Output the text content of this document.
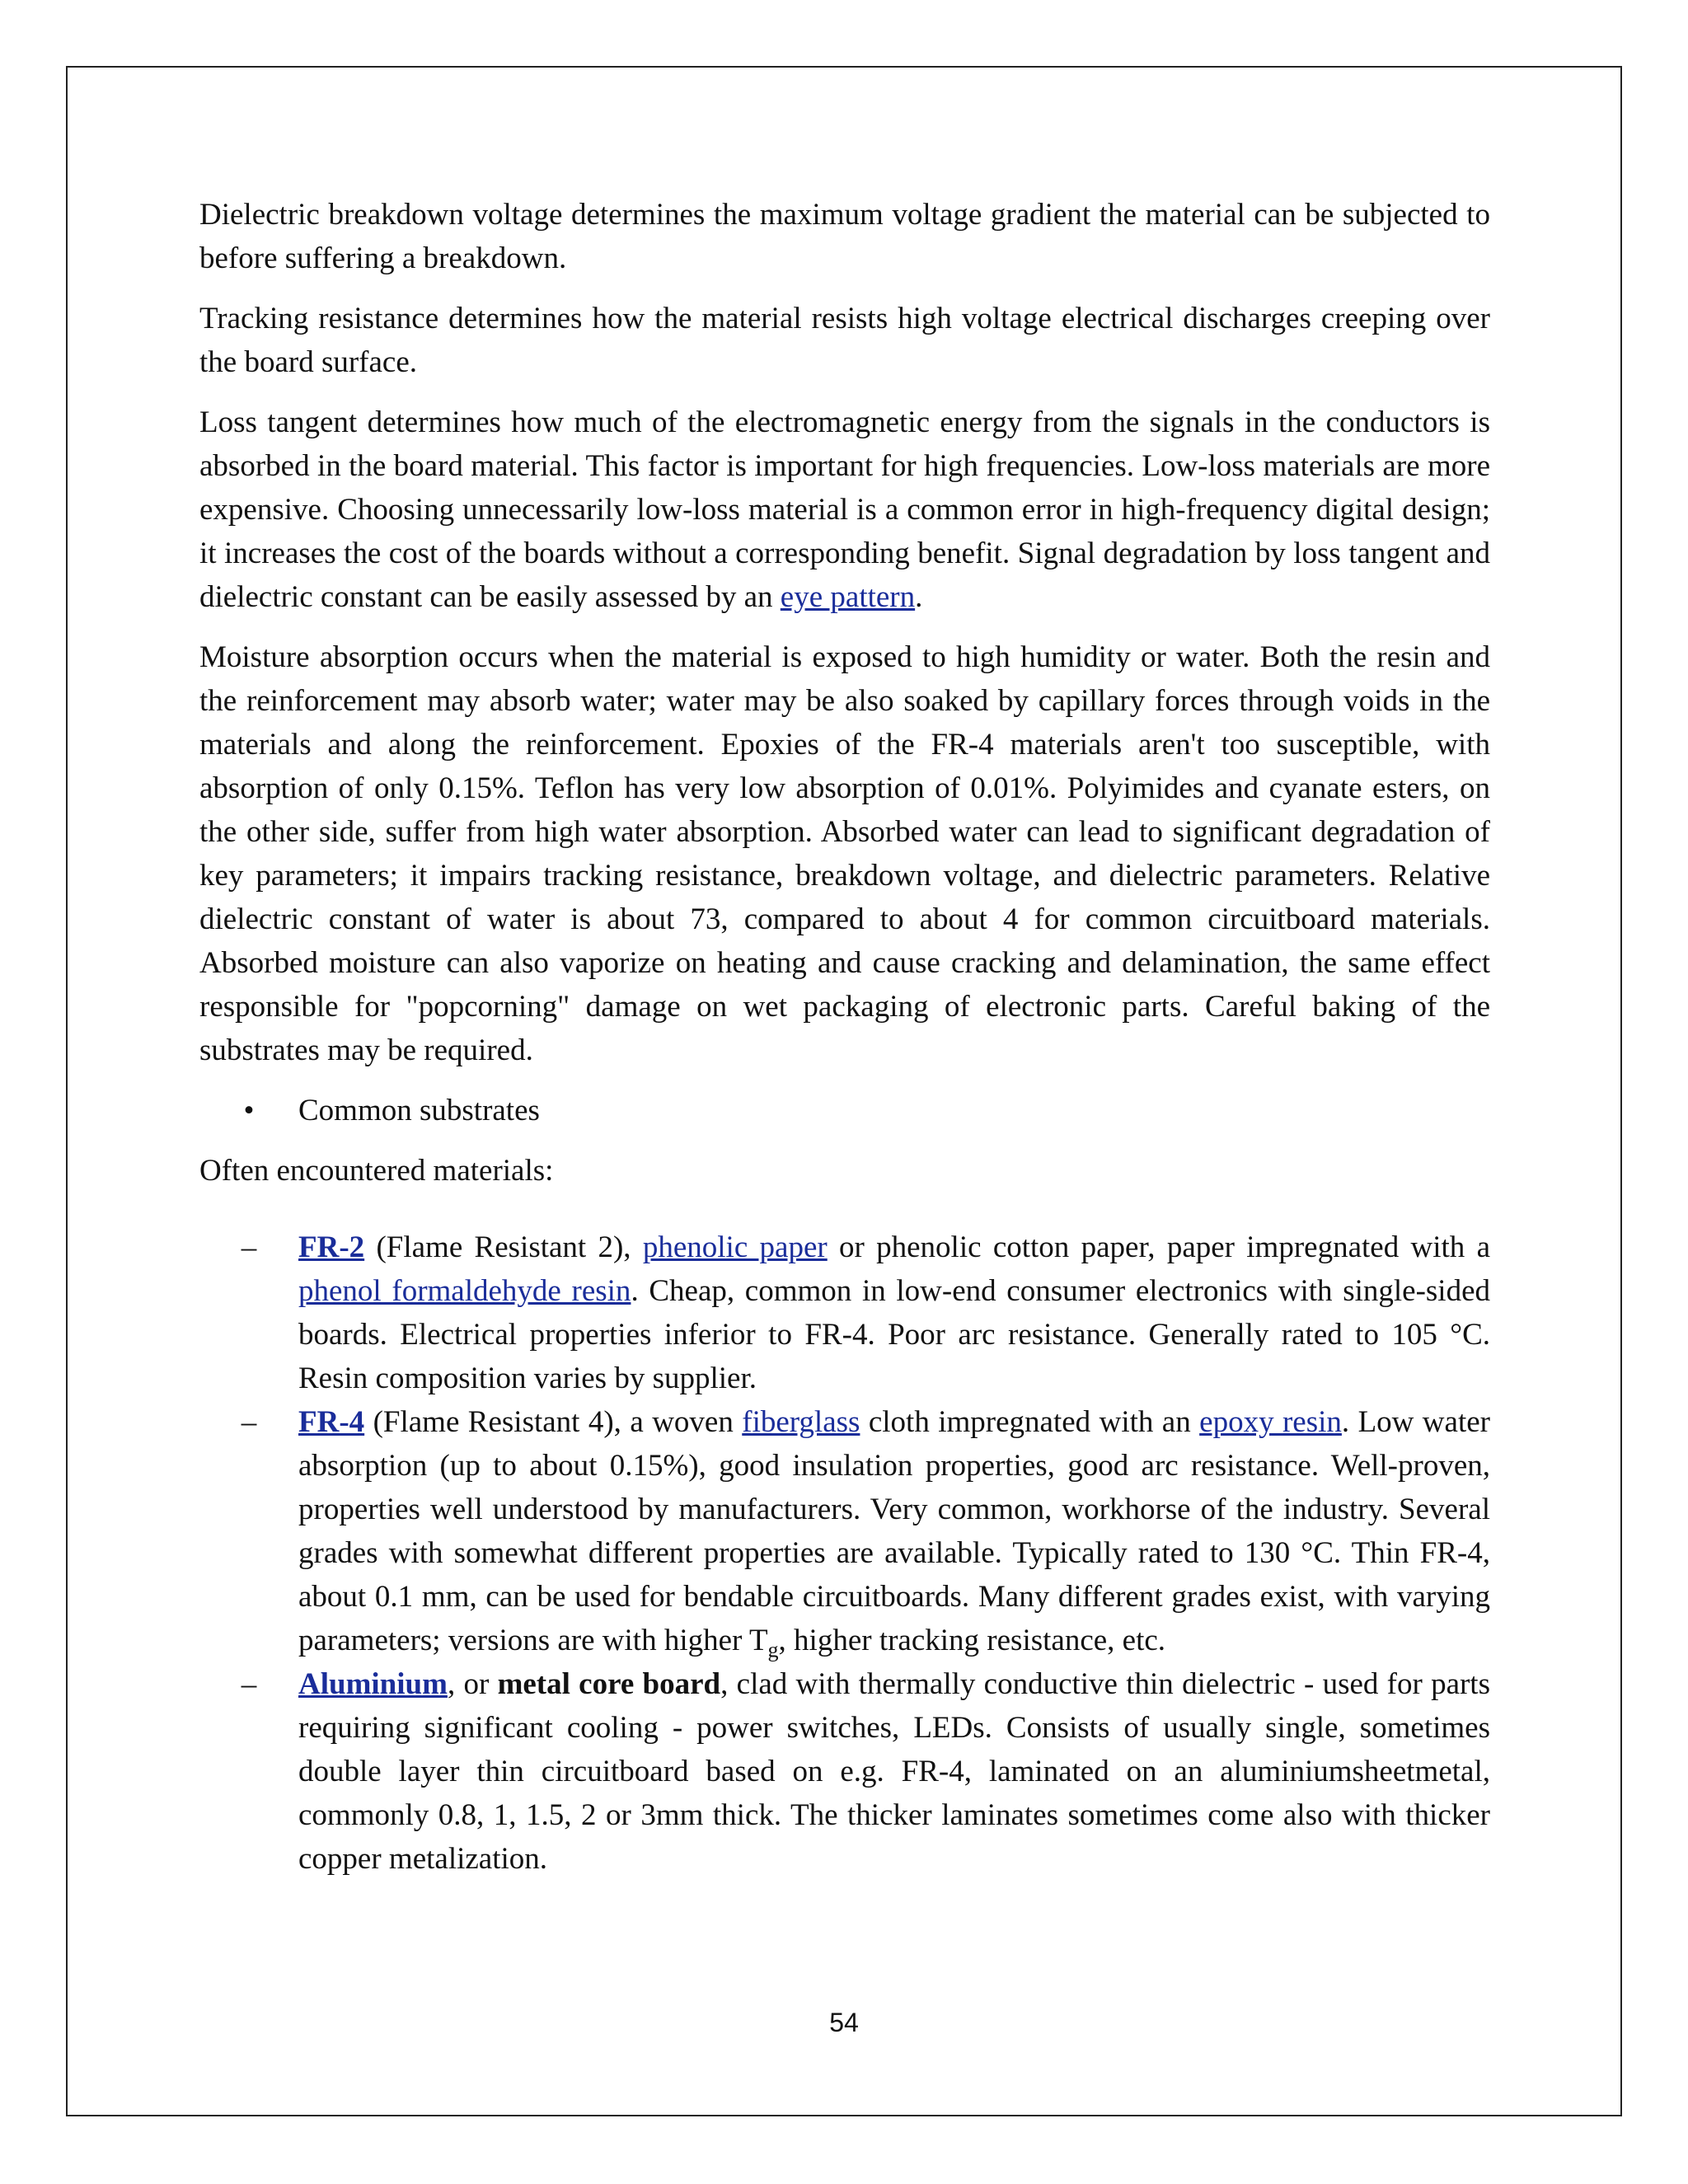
Dielectric breakdown voltage determines the maximum voltage gradient the material can be subjected to before suffering a breakdown.

Tracking resistance determines how the material resists high voltage electrical discharges creeping over the board surface.

Loss tangent determines how much of the electromagnetic energy from the signals in the conductors is absorbed in the board material. This factor is important for high frequencies. Low-loss materials are more expensive. Choosing unnecessarily low-loss material is a common error in high-frequency digital design; it increases the cost of the boards without a corresponding benefit. Signal degradation by loss tangent and dielectric constant can be easily assessed by an eye pattern.

Moisture absorption occurs when the material is exposed to high humidity or water. Both the resin and the reinforcement may absorb water; water may be also soaked by capillary forces through voids in the materials and along the reinforcement. Epoxies of the FR-4 materials aren't too susceptible, with absorption of only 0.15%. Teflon has very low absorption of 0.01%. Polyimides and cyanate esters, on the other side, suffer from high water absorption. Absorbed water can lead to significant degradation of key parameters; it impairs tracking resistance, breakdown voltage, and dielectric parameters. Relative dielectric constant of water is about 73, compared to about 4 for common circuitboard materials. Absorbed moisture can also vaporize on heating and cause cracking and delamination, the same effect responsible for "popcorning" damage on wet packaging of electronic parts. Careful baking of the substrates may be required.

•	Common substrates

Often encountered materials:

–	FR-2 (Flame Resistant 2), phenolic paper or phenolic cotton paper, paper impregnated with a phenol formaldehyde resin. Cheap, common in low-end consumer electronics with single-sided boards. Electrical properties inferior to FR-4. Poor arc resistance. Generally rated to 105 °C. Resin composition varies by supplier.
–	FR-4 (Flame Resistant 4), a woven fiberglass cloth impregnated with an epoxy resin. Low water absorption (up to about 0.15%), good insulation properties, good arc resistance. Well-proven, properties well understood by manufacturers. Very common, workhorse of the industry. Several grades with somewhat different properties are available. Typically rated to 130 °C. Thin FR-4, about 0.1 mm, can be used for bendable circuitboards. Many different grades exist, with varying parameters; versions are with higher $T_g$, higher tracking resistance, etc.
–	Aluminium, or metal core board, clad with thermally conductive thin dielectric - used for parts requiring significant cooling - power switches, LEDs. Consists of usually single, sometimes double layer thin circuitboard based on e.g. FR-4, laminated on an aluminiumsheetmetal, commonly 0.8, 1, 1.5, 2 or 3mm thick. The thicker laminates sometimes come also with thicker copper metalization.
54
